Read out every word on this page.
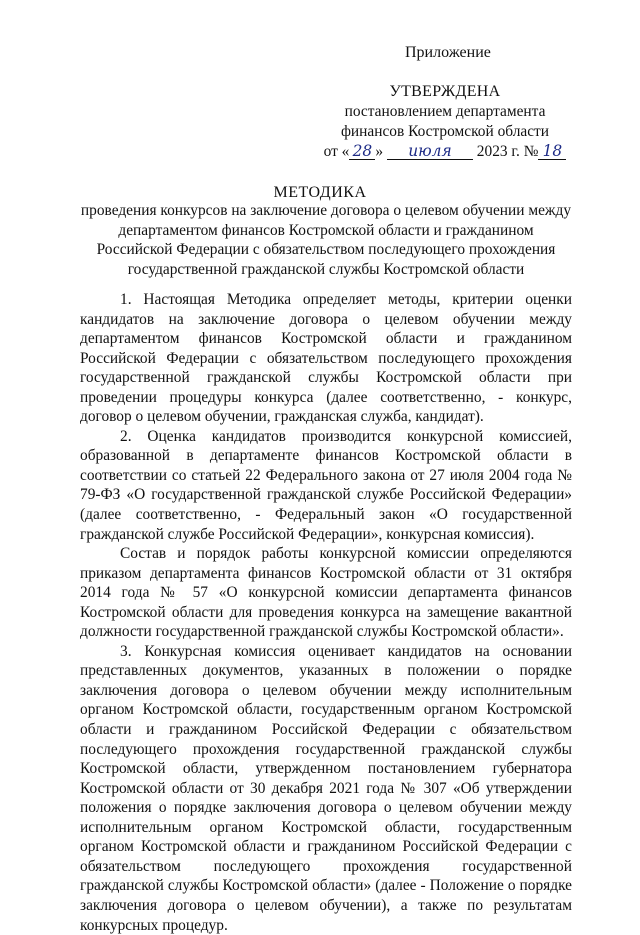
Приложение
УТВЕРЖДЕНА
постановлением департамента
финансов Костромской области
от « 28 » июля 2023 г. № 18
МЕТОДИКА
проведения конкурсов на заключение договора о целевом обучении между департаментом финансов Костромской области и гражданином Российской Федерации с обязательством последующего прохождения государственной гражданской службы Костромской области

1. Настоящая Методика определяет методы, критерии оценки кандидатов на заключение договора о целевом обучении между департаментом финансов Костромской области и гражданином Российской Федерации с обязательством последующего прохождения государственной гражданской службы Костромской области при проведении процедуры конкурса (далее соответственно, - конкурс, договор о целевом обучении, гражданская служба, кандидат).

2. Оценка кандидатов производится конкурсной комиссией, образованной в департаменте финансов Костромской области в соответствии со статьей 22 Федерального закона от 27 июля 2004 года № 79-ФЗ «О государственной гражданской службе Российской Федерации» (далее соответственно, - Федеральный закон «О государственной гражданской службе Российской Федерации», конкурсная комиссия).

Состав и порядок работы конкурсной комиссии определяются приказом департамента финансов Костромской области от 31 октября 2014 года № 57 «О конкурсной комиссии департамента финансов Костромской области для проведения конкурса на замещение вакантной должности государственной гражданской службы Костромской области».

3. Конкурсная комиссия оценивает кандидатов на основании представленных документов, указанных в положении о порядке заключения договора о целевом обучении между исполнительным органом Костромской области, государственным органом Костромской области и гражданином Российской Федерации с обязательством последующего прохождения государственной гражданской службы Костромской области, утвержденном постановлением губернатора Костромской области от 30 декабря 2021 года № 307 «Об утверждении положения о порядке заключения договора о целевом обучении между исполнительным органом Костромской области, государственным органом Костромской области и гражданином Российской Федерации с обязательством последующего прохождения государственной гражданской службы Костромской области» (далее - Положение о порядке заключения договора о целевом обучении), а также по результатам конкурсных процедур.
